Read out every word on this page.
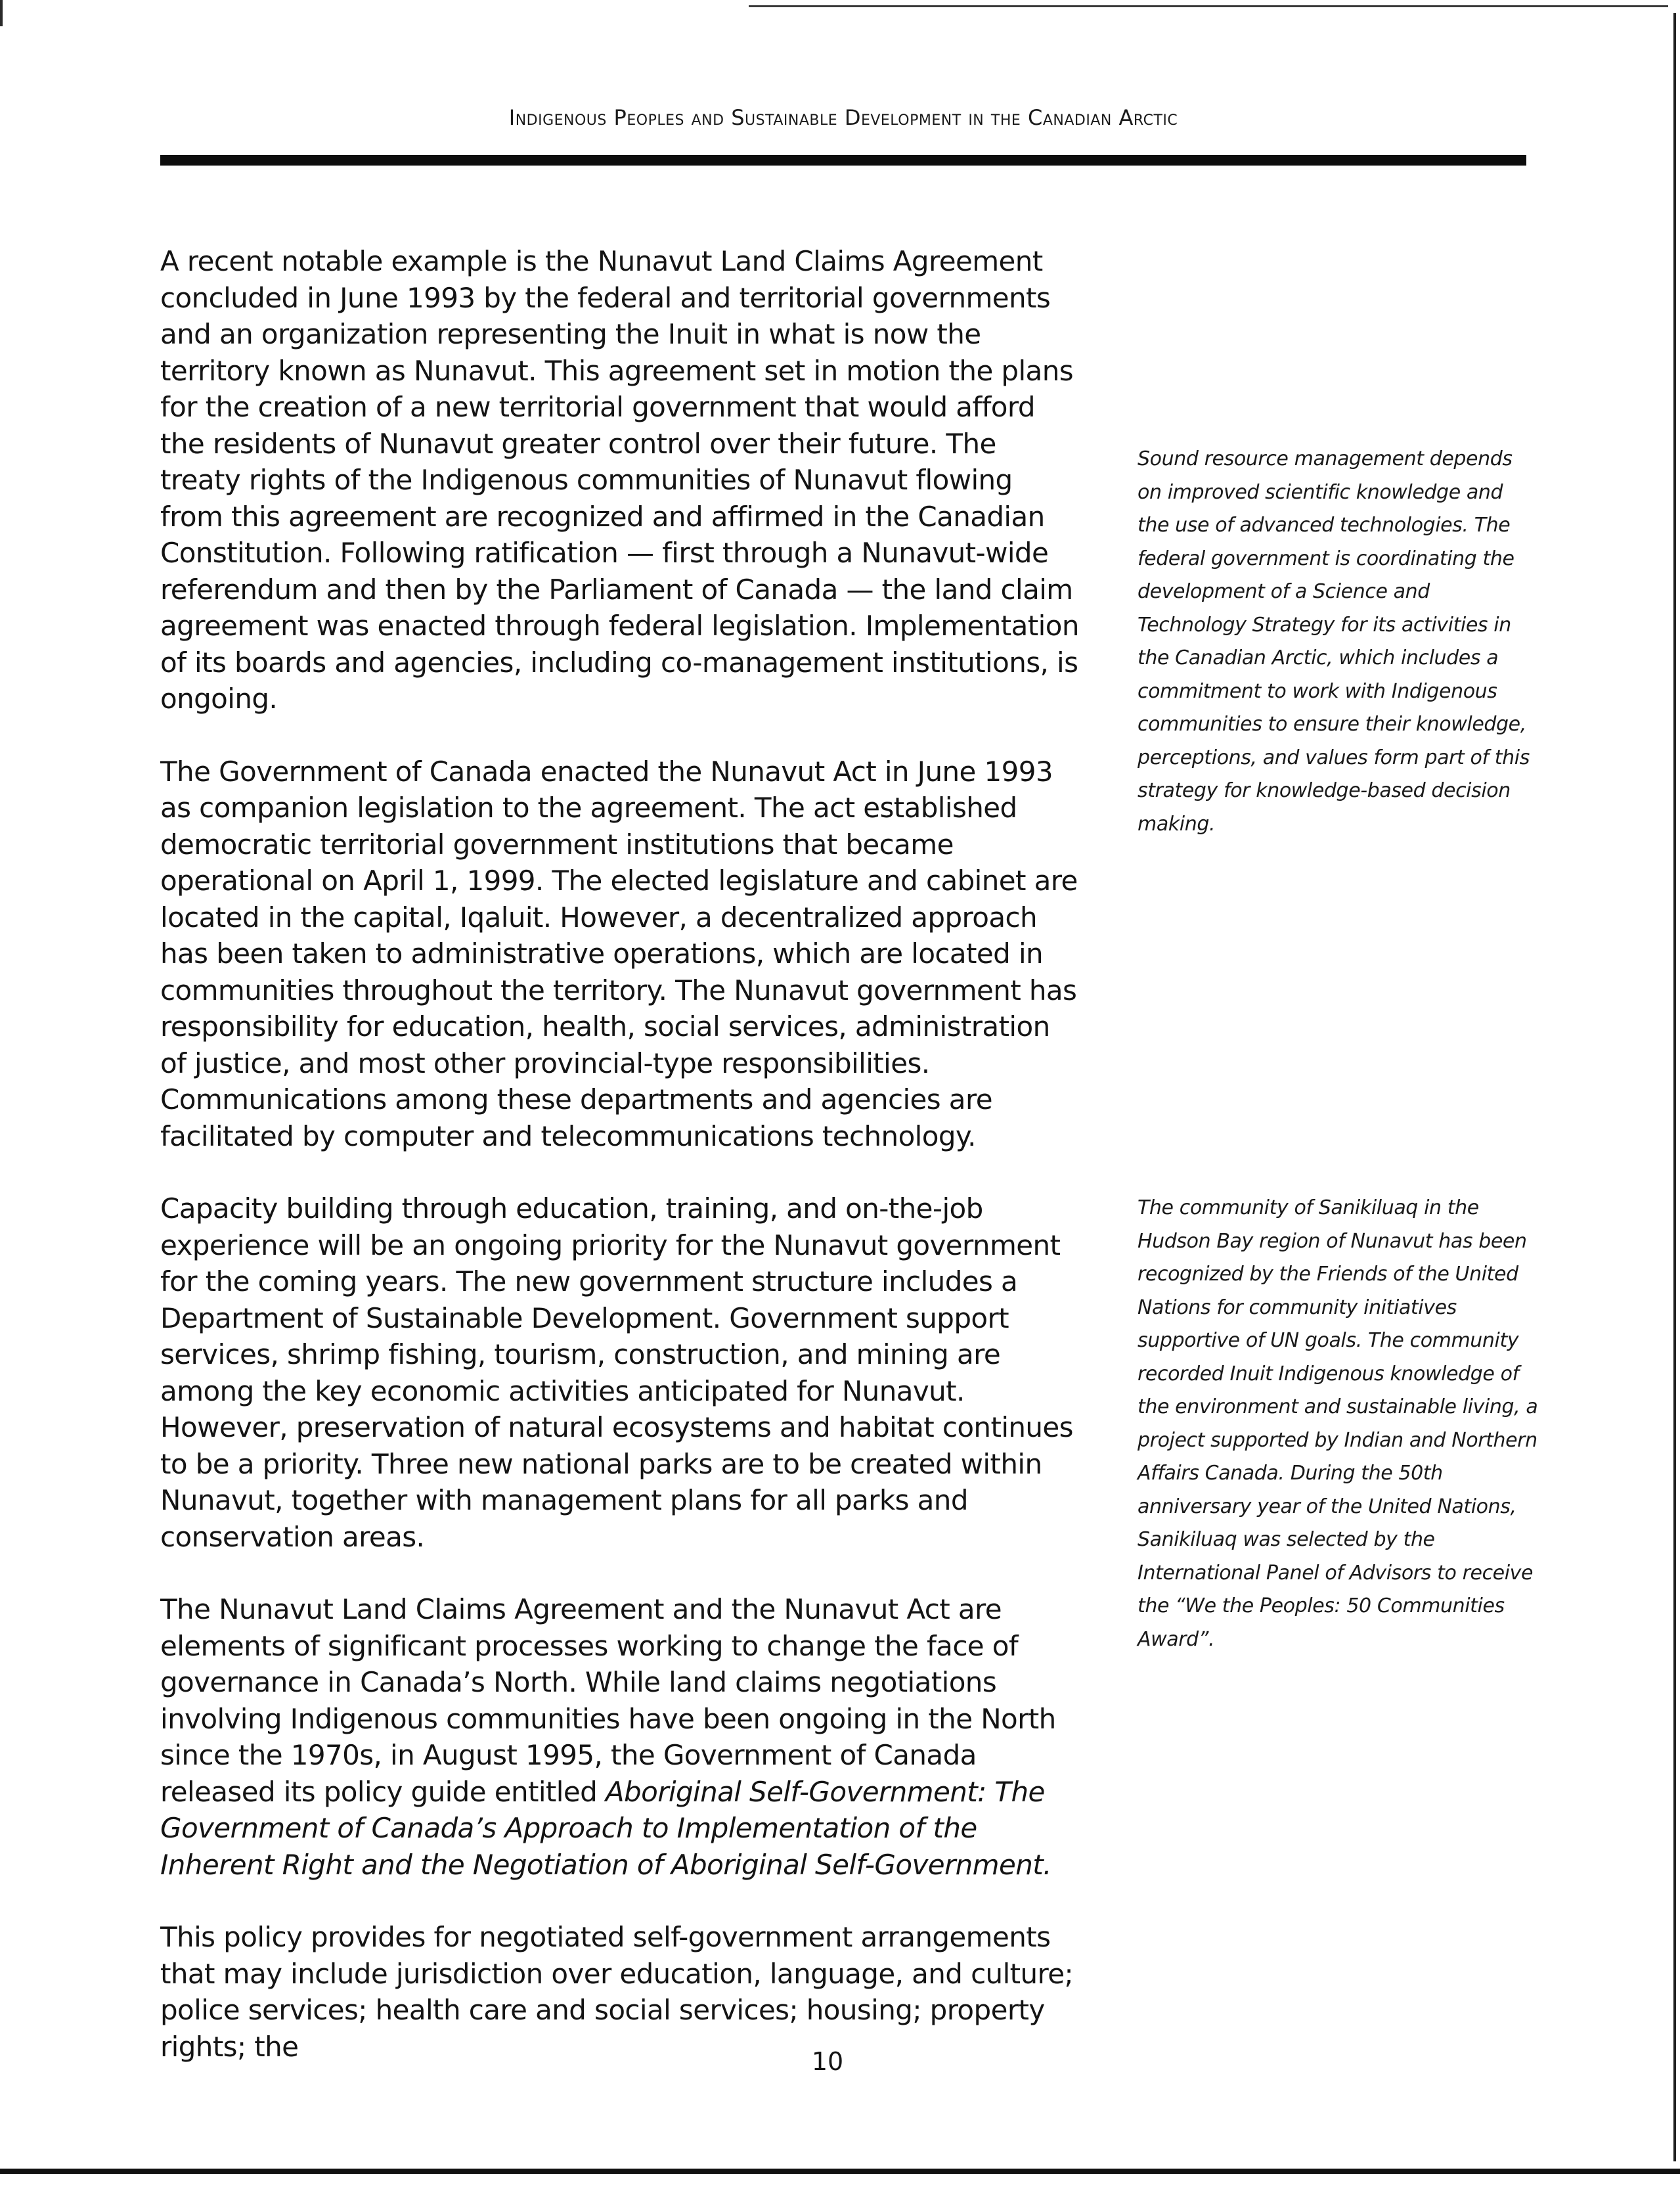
Indigenous Peoples and Sustainable Development in the Canadian Arctic

A recent notable example is the Nunavut Land Claims Agreement concluded in June 1993 by the federal and territorial governments and an organization representing the Inuit in what is now the territory known as Nunavut. This agreement set in motion the plans for the creation of a new territorial government that would afford the residents of Nunavut greater control over their future. The treaty rights of the Indigenous communities of Nunavut flowing from this agreement are recognized and affirmed in the Canadian Constitution. Following ratification — first through a Nunavut-wide referendum and then by the Parliament of Canada — the land claim agreement was enacted through federal legislation. Implementation of its boards and agencies, including co-management institutions, is ongoing.

The Government of Canada enacted the Nunavut Act in June 1993 as companion legislation to the agreement. The act established democratic territorial government institutions that became operational on April 1, 1999. The elected legislature and cabinet are located in the capital, Iqaluit. However, a decentralized approach has been taken to administrative operations, which are located in communities throughout the territory. The Nunavut government has responsibility for education, health, social services, administration of justice, and most other provincial-type responsibilities. Communications among these departments and agencies are facilitated by computer and telecommunications technology.

Capacity building through education, training, and on-the-job experience will be an ongoing priority for the Nunavut government for the coming years. The new government structure includes a Department of Sustainable Development. Government support services, shrimp fishing, tourism, construction, and mining are among the key economic activities anticipated for Nunavut. However, preservation of natural ecosystems and habitat continues to be a priority. Three new national parks are to be created within Nunavut, together with management plans for all parks and conservation areas.

The Nunavut Land Claims Agreement and the Nunavut Act are elements of significant processes working to change the face of governance in Canada’s North. While land claims negotiations involving Indigenous communities have been ongoing in the North since the 1970s, in August 1995, the Government of Canada released its policy guide entitled Aboriginal Self-Government: The Government of Canada’s Approach to Implementation of the Inherent Right and the Negotiation of Aboriginal Self-Government.

This policy provides for negotiated self-government arrangements that may include jurisdiction over education, language, and culture; police services; health care and social services; housing; property rights; the

Sound resource management depends on improved scientific knowledge and the use of advanced technologies. The federal government is coordinating the development of a Science and Technology Strategy for its activities in the Canadian Arctic, which includes a commitment to work with Indigenous communities to ensure their knowledge, perceptions, and values form part of this strategy for knowledge-based decision making.
The community of Sanikiluaq in the Hudson Bay region of Nunavut has been recognized by the Friends of the United Nations for community initiatives supportive of UN goals. The community recorded Inuit Indigenous knowledge of the environment and sustainable living, a project supported by Indian and Northern Affairs Canada. During the 50th anniversary year of the United Nations, Sanikiluaq was selected by the International Panel of Advisors to receive the “We the Peoples: 50 Communities Award”.
10
